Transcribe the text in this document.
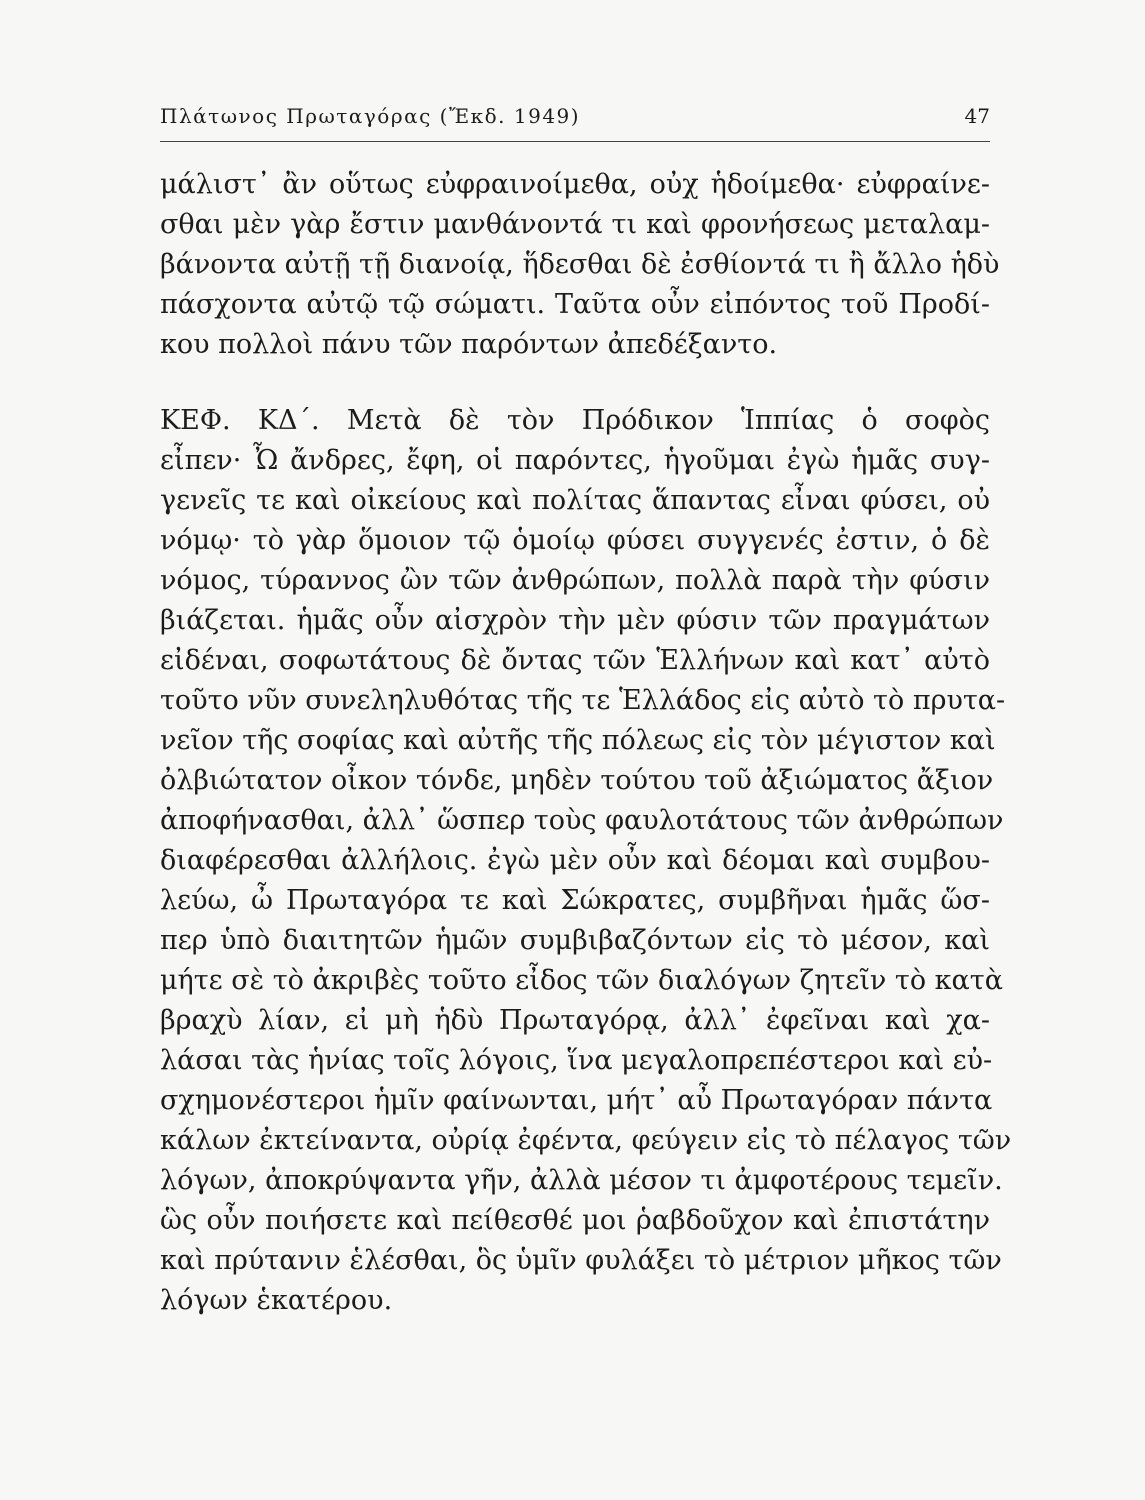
Πλάτωνος Πρωταγόρας (Ἔκδ. 1949)	47
μάλιστ᾽ ἂν οὕτως εὐφραινοίμεθα, οὐχ ἡδοίμεθα· εὐφραίνε-
σθαι μὲν γὰρ ἔστιν μανθάνοντά τι καὶ φρονήσεως μεταλαμ-
βάνοντα αὐτῇ τῇ διανοίᾳ, ἥδεσθαι δὲ ἐσθίοντά τι ἢ ἄλλο ἡδὺ
πάσχοντα αὐτῷ τῷ σώματι. Ταῦτα οὖν εἰπόντος τοῦ Προδί-
κου πολλοὶ πάνυ τῶν παρόντων ἀπεδέξαντο.
ΚΕΦ. ΚΔ΄. Μετὰ δὲ τὸν Πρόδικον Ἱππίας ὁ σοφὸς
εἶπεν· Ὦ ἄνδρες, ἔφη, οἱ παρόντες, ἡγοῦμαι ἐγὼ ἡμᾶς συγ-
γενεῖς τε καὶ οἰκείους καὶ πολίτας ἅπαντας εἶναι φύσει, οὐ
νόμῳ· τὸ γὰρ ὅμοιον τῷ ὁμοίῳ φύσει συγγενές ἐστιν, ὁ δὲ
νόμος, τύραννος ὢν τῶν ἀνθρώπων, πολλὰ παρὰ τὴν φύσιν
βιάζεται. ἡμᾶς οὖν αἰσχρὸν τὴν μὲν φύσιν τῶν πραγμάτων
εἰδέναι, σοφωτάτους δὲ ὄντας τῶν Ἑλλήνων καὶ κατ᾽ αὐτὸ
τοῦτο νῦν συνεληλυθότας τῆς τε Ἑλλάδος εἰς αὐτὸ τὸ πρυτα-
νεῖον τῆς σοφίας καὶ αὐτῆς τῆς πόλεως εἰς τὸν μέγιστον καὶ
ὀλβιώτατον οἶκον τόνδε, μηδὲν τούτου τοῦ ἀξιώματος ἄξιον
ἀποφήνασθαι, ἀλλ᾽ ὥσπερ τοὺς φαυλοτάτους τῶν ἀνθρώπων
διαφέρεσθαι ἀλλήλοις. ἐγὼ μὲν οὖν καὶ δέομαι καὶ συμβου-
λεύω, ὦ Πρωταγόρα τε καὶ Σώκρατες, συμβῆναι ἡμᾶς ὥσ-
περ ὑπὸ διαιτητῶν ἡμῶν συμβιβαζόντων εἰς τὸ μέσον, καὶ
μήτε σὲ τὸ ἀκριβὲς τοῦτο εἶδος τῶν διαλόγων ζητεῖν τὸ κατὰ
βραχὺ λίαν, εἰ μὴ ἡδὺ Πρωταγόρᾳ, ἀλλ᾽ ἐφεῖναι καὶ χα-
λάσαι τὰς ἡνίας τοῖς λόγοις, ἵνα μεγαλοπρεπέστεροι καὶ εὐ-
σχημονέστεροι ἡμῖν φαίνωνται, μήτ᾽ αὖ Πρωταγόραν πάντα
κάλων ἐκτείναντα, οὐρίᾳ ἐφέντα, φεύγειν εἰς τὸ πέλαγος τῶν
λόγων, ἀποκρύψαντα γῆν, ἀλλὰ μέσον τι ἀμφοτέρους τεμεῖν.
ὣς οὖν ποιήσετε καὶ πείθεσθέ μοι ῥαβδοῦχον καὶ ἐπιστάτην
καὶ πρύτανιν ἑλέσθαι, ὃς ὑμῖν φυλάξει τὸ μέτριον μῆκος τῶν
λόγων ἑκατέρου.
